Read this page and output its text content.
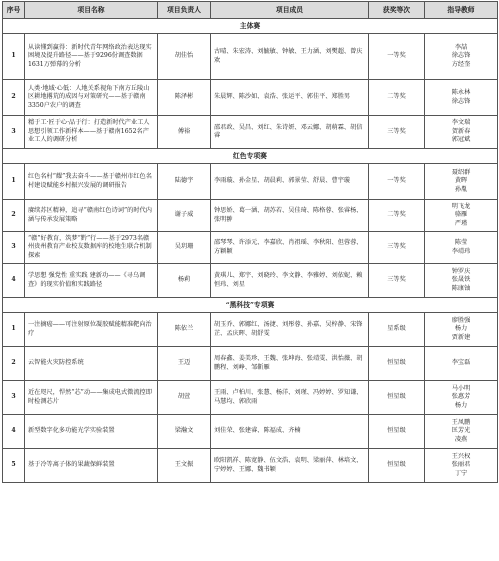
序号	项目名称	项目负责人	项目成员	获奖等次	指导教师
主体赛					
1	从读懂到赢得：新时代青年网络政治表达现实困境及提升路径——基于9296份调查数据1631万弹幕的分析	胡佳怡	古晴、朱宏涛、刘毓敏、钟敏、王力涵、刘樊超、曾庆欢	一等奖	李喆
徐志锋
方经奎
2	人类·地域·心低：人地关系视角下南方丘陵山区耕地撂荒的成因与对策研究——基于赣南3350户农户的调查	陈泽彬	朱晨辉、陈沙如、袁浩、张运平、郭佳平、郑胜男	二等奖	陈永林
徐志锋
3	精于工·匠于心·品于行：打造新时代产业工人思想引领工作新样本——基于赣南1652名产业工人的调研分析	傅裕	邵君政、吴昌、刘红、朱诗妍、邓云娜、胡萌霖、胡信睿	三等奖	李文瑞
贺新春
郭冠斌
红色专项赛					
1	红色名村“耀”我去奋斗——基于赣州市红色名村建设赋能乡村振兴发展的调研报告	陆德宇	李雨璇、孙金星、胡晨莉、郭景莹、舒晨、曹宇璇	一等奖	聂绍群
黄晖
孙胤
2	赓续苏区精神，追寻“赣南红色诗词”的时代内涵与传承发展策略	谢子威	钟思娇、葛一涵、胡苏若、吴佳琦、陈格蓉、张睿杨、张明翀	二等奖	明飞龙
骆雁
严瑾
3	“赣”好教育，筑梦“黔”行——基于2973名赣州贵州教育产业校友数据库的校地生联合机制探索	吴玥珊	邵琴琴、许添元、李嘉欣、肖祖瑶、李秋阳、但蓉蓉、方颖颖	三等奖	陈莹
李靖玮
4	学思想 强党性 重实践 建新功——《寻乌调查》的现实价值和实践路径	杨莉	黄琪儿、郑宇、刘晓玲、李文静、李雅婷、刘依妮、赖恒玮、刘星	三等奖	钟罗庆
张晟铁
陈康铀
“黑科技”专项赛					
1	一注摘癌——可注射原位凝胶赋能精准靶向治疗	陈依兰	胡玉乔、郭娜红、汤捷、刘彤蓉、孙嘉、吴梓静、宋锋芷、孟庆晖、胡舒雯	星系级	廖胜强
杨力
贾新建
2	云智能火灾防控系统	王迈	周春鑫、姜美珍、王魏、张坤海、张靖雯、洪怡薇、胡鹏程、刘峥、邹靳雁	恒星级	李宝磊
3	近在咫尺，悍然“芯”动——集成电式微流控即时检测芯片	胡萱	王雨、卢柏川、张慧、杨洋、刘瑾、冯婷婷、罗知谦、马慧均、郭欣雨	恒星级	马小明
张惠芳
杨力
4	新型数字化多功能光学实验装置	梁瀚文	刘佳荣、张建睿、陈福成、齐楠	恒星级	王凤鹏
匡芳光
凌燕
5	基于冷等离子体的果蔬保鲜装置	王文振	欧阳凯祥、陈宽静、伍文浩、袁明、梁丽萍、林培文、宁婷婷、王娜、魏书颖	恒星级	王兴权
张丽君
丁宁
